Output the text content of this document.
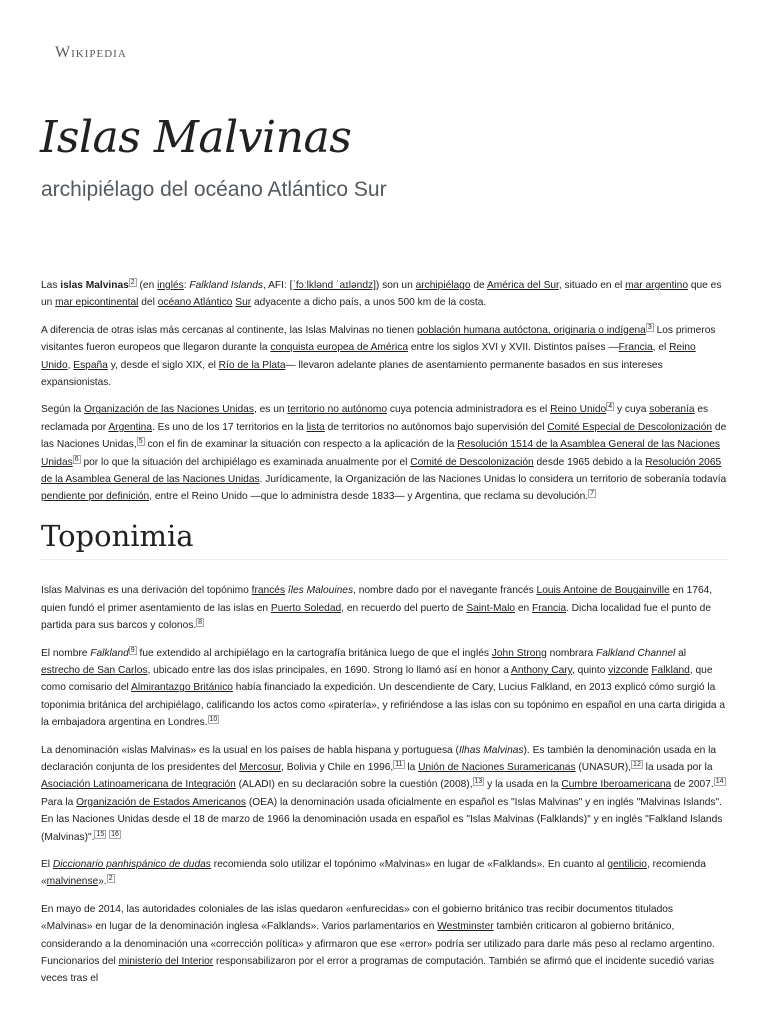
Wikipedia
Islas Malvinas
archipiélago del océano Atlántico Sur

Las islas Malvinas $^2$ (en inglés: Falkland Islands, AFI: [ˈfɔːlklənd ˈaɪləndz]) son un archipiélago de América del Sur, situado en el mar argentino que es un mar epicontinental del océano Atlántico Sur adyacente a dicho país, a unos 500 km de la costa.

A diferencia de otras islas más cercanas al continente, las Islas Malvinas no tienen población humana autóctona, originaria o indígena $^3$ Los primeros visitantes fueron europeos que llegaron durante la conquista europea de América entre los siglos XVI y XVII. Distintos países —Francia, el Reino Unido, España y, desde el siglo XIX, el Río de la Plata— llevaron adelante planes de asentamiento permanente basados en sus intereses expansionistas.

Según la Organización de las Naciones Unidas, es un territorio no autónomo cuya potencia administradora es el Reino Unido $^4$ y cuya soberanía es reclamada por Argentina. Es uno de los 17 territorios en la lista de territorios no autónomos bajo supervisión del Comité Especial de Descolonización de las Naciones Unidas, $^5$ con el fin de examinar la situación con respecto a la aplicación de la Resolución 1514 de la Asamblea General de las Naciones Unidas $^6$ por lo que la situación del archipiélago es examinada anualmente por el Comité de Descolonización desde 1965 debido a la Resolución 2065 de la Asamblea General de las Naciones Unidas. Jurídicamente, la Organización de las Naciones Unidas lo considera un territorio de soberanía todavía pendiente por definición, entre el Reino Unido —que lo administra desde 1833— y Argentina, que reclama su devolución. $^7$

Toponimia

Islas Malvinas es una derivación del topónimo francés îles Malouines, nombre dado por el navegante francés Louis Antoine de Bougainville en 1764, quien fundó el primer asentamiento de las islas en Puerto Soledad, en recuerdo del puerto de Saint-Malo en Francia. Dicha localidad fue el punto de partida para sus barcos y colonos. $^8$

El nombre Falkland $^9$ fue extendido al archipiélago en la cartografía británica luego de que el inglés John Strong nombrara Falkland Channel al estrecho de San Carlos, ubicado entre las dos islas principales, en 1690. Strong lo llamó así en honor a Anthony Cary, quinto vizconde Falkland, que como comisario del Almirantazgo Británico había financiado la expedición. Un descendiente de Cary, Lucius Falkland, en 2013 explicó cómo surgió la toponimia británica del archipiélago, calificando los actos como «piratería», y refiriéndose a las islas con su topónimo en español en una carta dirigida a la embajadora argentina en Londres. $^{10}$

La denominación «islas Malvinas» es la usual en los países de habla hispana y portuguesa (Ilhas Malvinas). Es también la denominación usada en la declaración conjunta de los presidentes del Mercosur, Bolivia y Chile en 1996, $^{11}$ la Unión de Naciones Suramericanas (UNASUR), $^{12}$ la usada por la Asociación Latinoamericana de Integración (ALADI) en su declaración sobre la cuestión (2008), $^{13}$ y la usada en la Cumbre Iberoamericana de 2007. $^{14}$ Para la Organización de Estados Americanos (OEA) la denominación usada oficialmente en español es "Islas Malvinas" y en inglés "Malvinas Islands". En las Naciones Unidas desde el 18 de marzo de 1966 la denominación usada en español es "Islas Malvinas (Falklands)" y en inglés "Falkland Islands (Malvinas)". $^{15}$ $^{16}$

El Diccionario panhispánico de dudas recomienda solo utilizar el topónimo «Malvinas» en lugar de «Falklands». En cuanto al gentilicio, recomienda «malvinense». $^2$

En mayo de 2014, las autoridades coloniales de las islas quedaron «enfurecidas» con el gobierno británico tras recibir documentos titulados «Malvinas» en lugar de la denominación inglesa «Falklands». Varios parlamentarios en Westminster también criticaron al gobierno británico, considerando a la denominación una «corrección política» y afirmaron que ese «error» podría ser utilizado para darle más peso al reclamo argentino. Funcionarios del ministerio del Interior responsabilizaron por el error a programas de computación. También se afirmó que el incidente sucedió varias veces tras el
